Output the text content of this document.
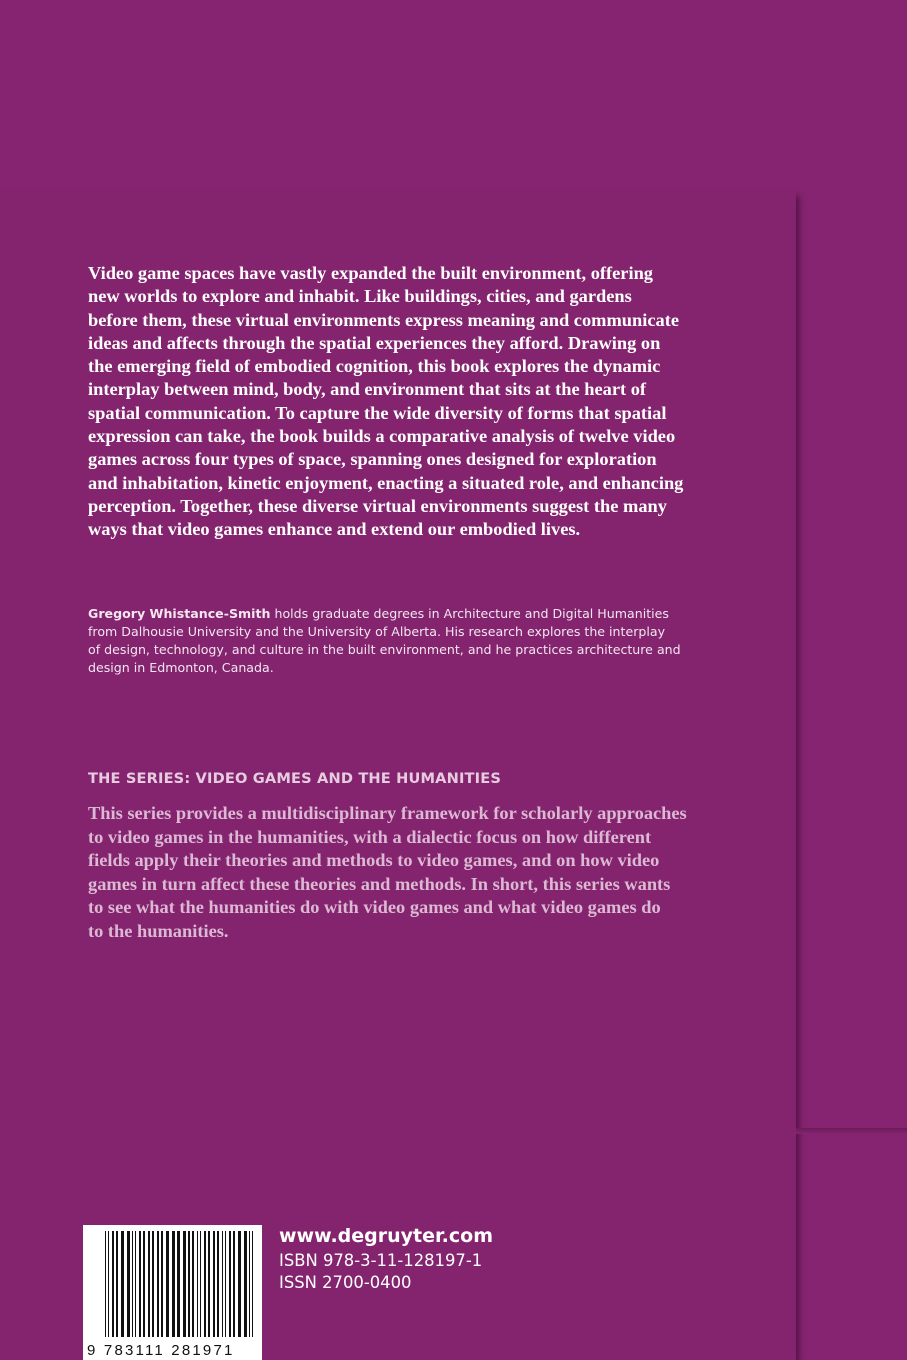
Video game spaces have vastly expanded the built environment, offering
new worlds to explore and inhabit. Like buildings, cities, and gardens
before them, these virtual environments express meaning and communicate
ideas and affects through the spatial experiences they afford. Drawing on
the emerging field of embodied cognition, this book explores the dynamic
interplay between mind, body, and environment that sits at the heart of
spatial communication. To capture the wide diversity of forms that spatial
expression can take, the book builds a comparative analysis of twelve video
games across four types of space, spanning ones designed for exploration
and inhabitation, kinetic enjoyment, enacting a situated role, and enhancing
perception. Together, these diverse virtual environments suggest the many
ways that video games enhance and extend our embodied lives.

Gregory Whistance-Smith holds graduate degrees in Architecture and Digital Humanities
from Dalhousie University and the University of Alberta. His research explores the interplay
of design, technology, and culture in the built environment, and he practices architecture and
design in Edmonton, Canada.

THE SERIES: VIDEO GAMES AND THE HUMANITIES

This series provides a multidisciplinary framework for scholarly approaches
to video games in the humanities, with a dialectic focus on how different
fields apply their theories and methods to video games, and on how video
games in turn affect these theories and methods. In short, this series wants
to see what the humanities do with video games and what video games do
to the humanities.

9 783111 281971
www.degruyter.com
ISBN 978-3-11-128197-1
ISSN 2700-0400
